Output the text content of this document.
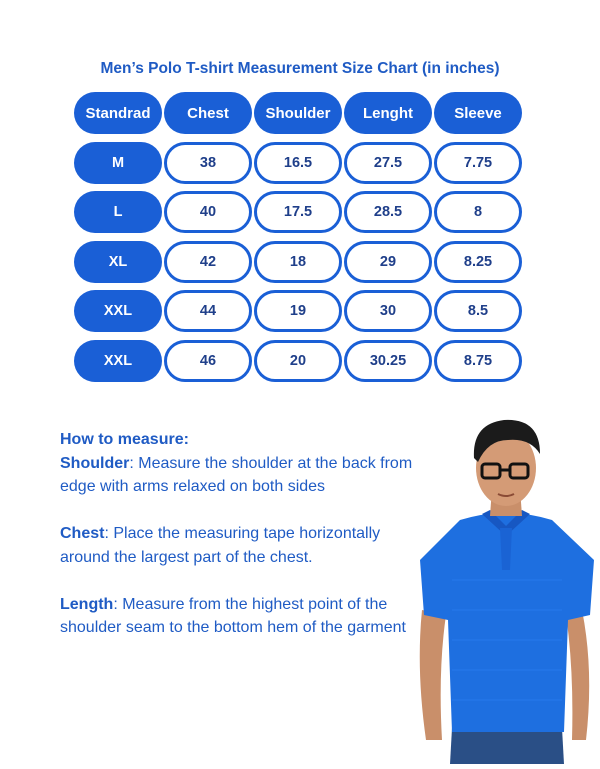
Men’s Polo T-shirt Measurement Size Chart (in inches)
Standrad	Chest	Shoulder	Lenght	Sleeve
M	38	16.5	27.5	7.75
L	40	17.5	28.5	8
XL	42	18	29	8.25
XXL	44	19	30	8.5
XXL	46	20	30.25	8.75
How to measure:

Shoulder: Measure the shoulder at the back from edge with arms relaxed on both sides

Chest: Place the measuring tape horizontally around the largest part of the chest.

Length: Measure from the highest point of the shoulder seam to the bottom hem of the garment
